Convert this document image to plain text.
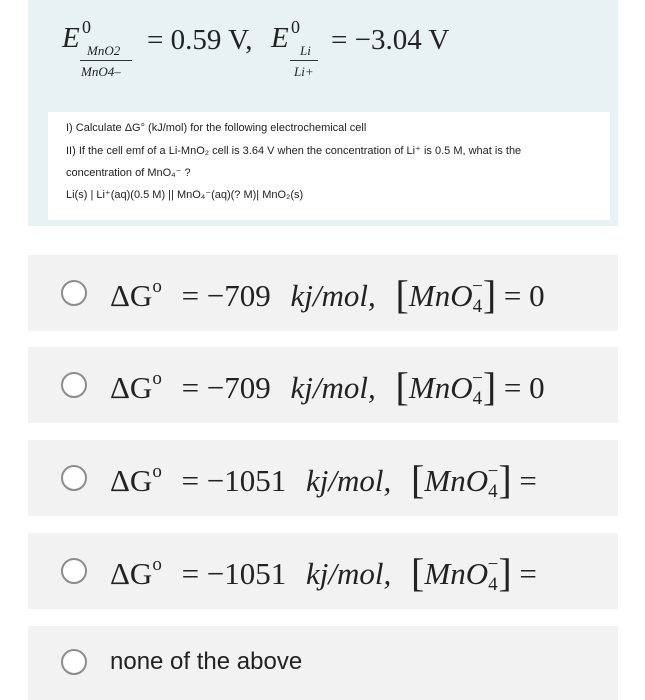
E 0
MnO2
MnO4–
= 0.59 V, E 0
Li
Li+
= −3.04 V
I) Calculate ΔG° (kJ/mol) for the following electrochemical cell
II) If the cell emf of a Li-MnO₂ cell is 3.64 V when the concentration of Li⁺ is 0.5 M, what is the
concentration of MnO₄⁻ ?
Li(s) | Li⁺(aq)(0.5 M) || MnO₄⁻(aq)(? M)| MnO₂(s)
$\Delta G^o = -709$ kj/mol, [MnO4−] = 0
$\Delta G^o = -709$ kj/mol, [MnO4−] = 0
$\Delta G^o = -1051$ kj/mol, [MnO4−] =
$\Delta G^o = -1051$ kj/mol, [MnO4−] =
none of the above
